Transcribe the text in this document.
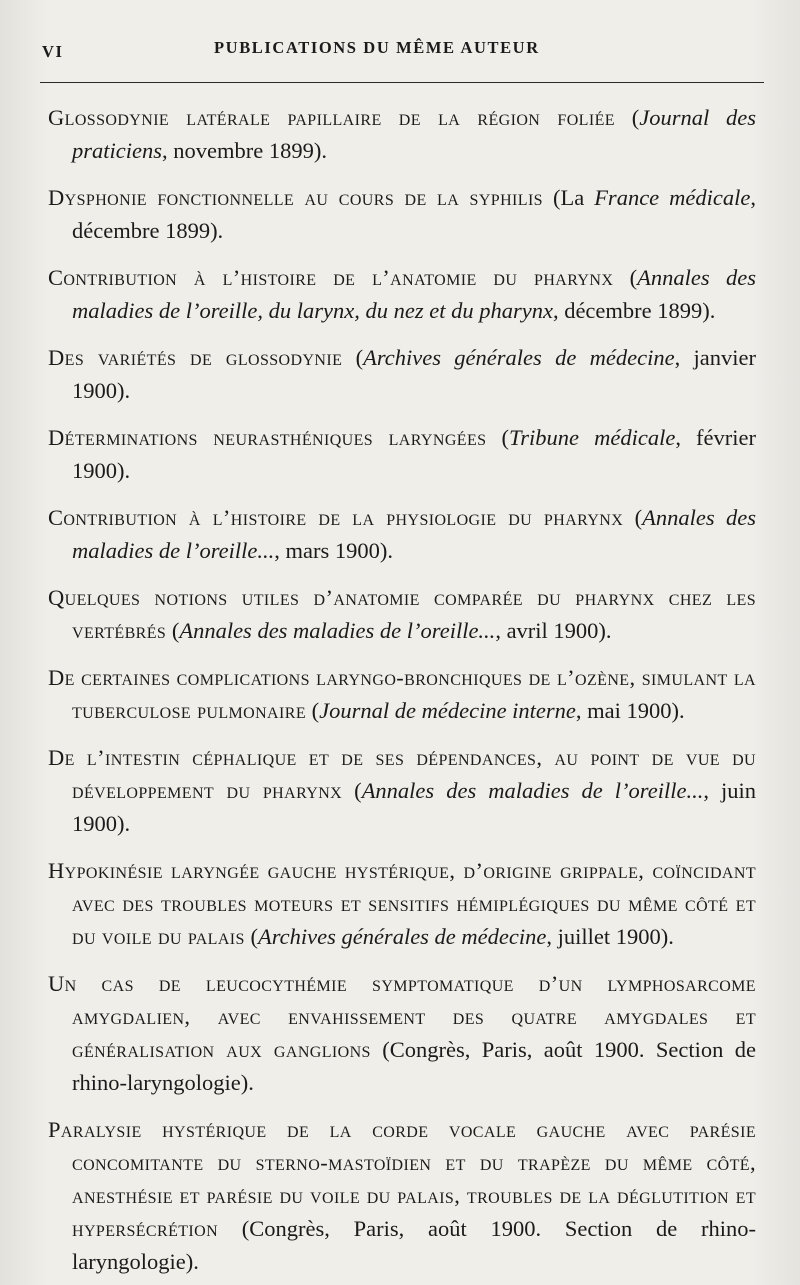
VI	PUBLICATIONS DU MÊME AUTEUR

Glossodynie latérale papillaire de la région foliée (Journal des praticiens, novembre 1899).

Dysphonie fonctionnelle au cours de la syphilis (La France médicale, décembre 1899).

Contribution à l’histoire de l’anatomie du pharynx (Annales des maladies de l’oreille, du larynx, du nez et du pharynx, décembre 1899).

Des variétés de glossodynie (Archives générales de médecine, janvier 1900).

Déterminations neurasthéniques laryngées (Tribune médicale, février 1900).

Contribution à l’histoire de la physiologie du pharynx (Annales des maladies de l’oreille..., mars 1900).

Quelques notions utiles d’anatomie comparée du pharynx chez les vertébrés (Annales des maladies de l’oreille..., avril 1900).

De certaines complications laryngo-bronchiques de l’ozène, simulant la tuberculose pulmonaire (Journal de médecine interne, mai 1900).

De l’intestin céphalique et de ses dépendances, au point de vue du développement du pharynx (Annales des maladies de l’oreille..., juin 1900).

Hypokinésie laryngée gauche hystérique, d’origine grippale, coïncidant avec des troubles moteurs et sensitifs hémiplégiques du même côté et du voile du palais (Archives générales de médecine, juillet 1900).

Un cas de leucocythémie symptomatique d’un lymphosarcome amygdalien, avec envahissement des quatre amygdales et généralisation aux ganglions (Congrès, Paris, août 1900. Section de rhino-laryngologie).

Paralysie hystérique de la corde vocale gauche avec parésie concomitante du sterno-mastoïdien et du trapèze du même côté, anesthésie et parésie du voile du palais, troubles de la déglutition et hypersécrétion (Congrès, Paris, août 1900. Section de rhino-laryngologie).
